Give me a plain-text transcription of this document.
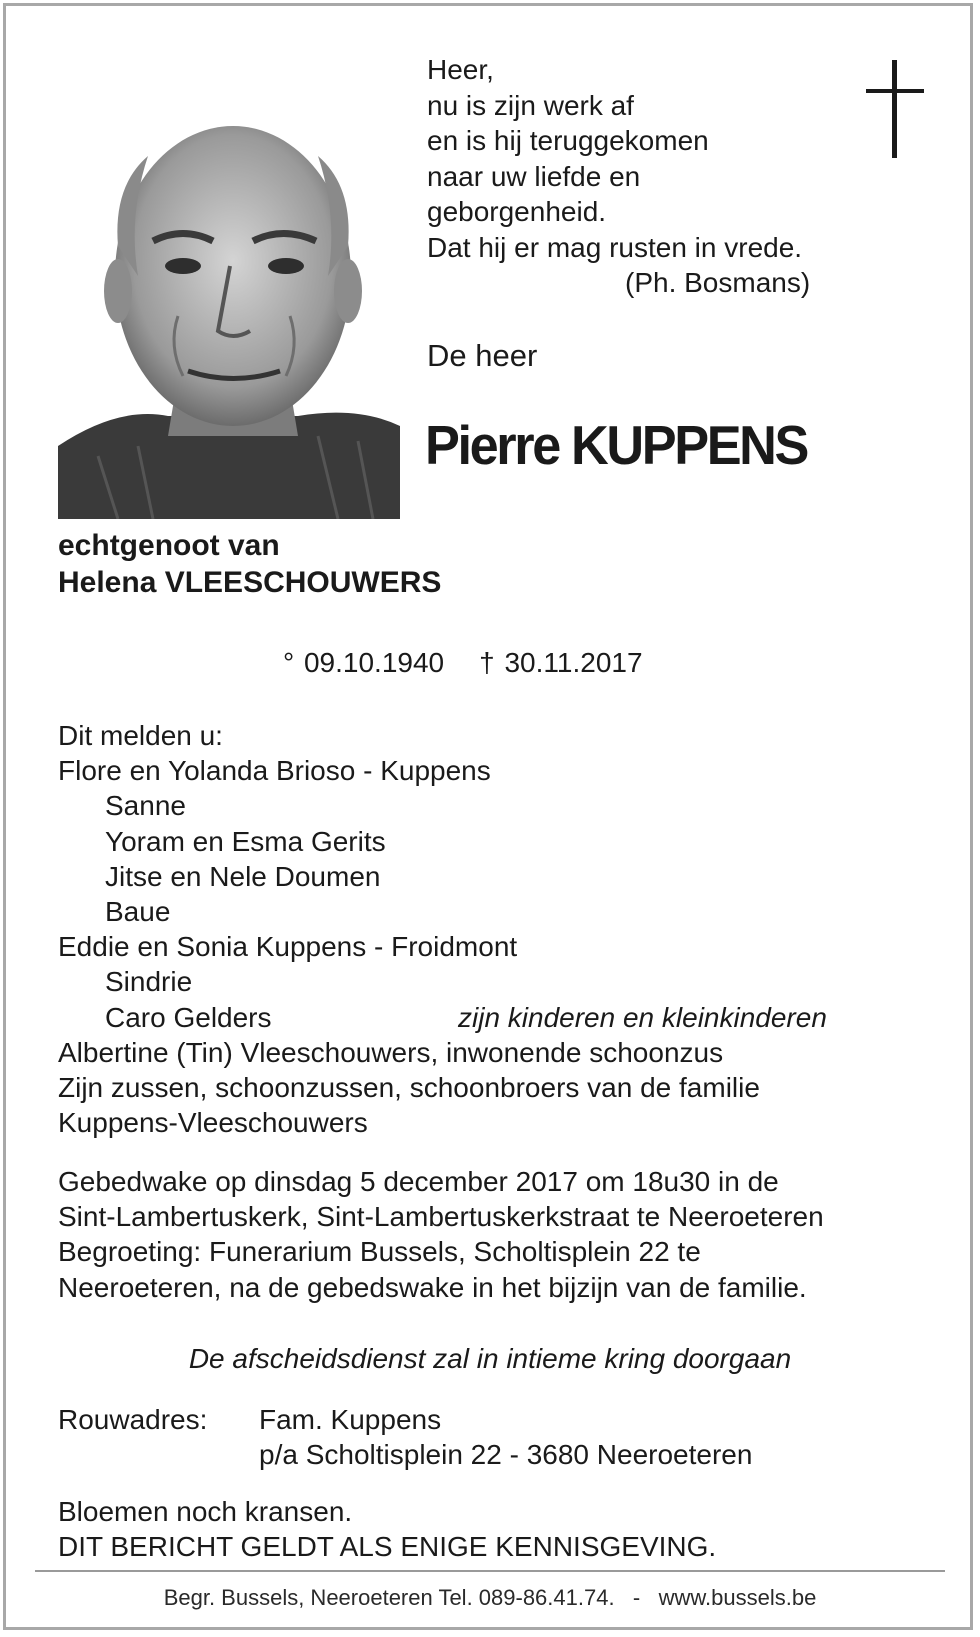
Heer,
nu is zijn werk af
en is hij teruggekomen
naar uw liefde en
geborgenheid.
Dat hij er mag rusten in vrede.
(Ph. Bosmans)
De heer
Pierre KUPPENS
echtgenoot van
Helena VLEESCHOUWERS
° 09.10.1940 † 30.11.2017
Dit melden u:
Flore en Yolanda Brioso - Kuppens
Sanne
Yoram en Esma Gerits
Jitse en Nele Doumen
Baue
Eddie en Sonia Kuppens - Froidmont
Sindrie
Caro Gelders	zijn kinderen en kleinkinderen
Albertine (Tin) Vleeschouwers, inwonende schoonzus
Zijn zussen, schoonzussen, schoonbroers van de familie
Kuppens-Vleeschouwers
Gebedwake op dinsdag 5 december 2017 om 18u30 in de
Sint-Lambertuskerk, Sint-Lambertuskerkstraat te Neeroeteren
Begroeting: Funerarium Bussels, Scholtisplein 22 te
Neeroeteren, na de gebedswake in het bijzijn van de familie.
De afscheidsdienst zal in intieme kring doorgaan
Rouwadres: Fam. Kuppens
p/a Scholtisplein 22 - 3680 Neeroeteren
Bloemen noch kransen.
DIT BERICHT GELDT ALS ENIGE KENNISGEVING.
Begr. Bussels, Neeroeteren Tel. 089-86.41.74.   -   www.bussels.be
